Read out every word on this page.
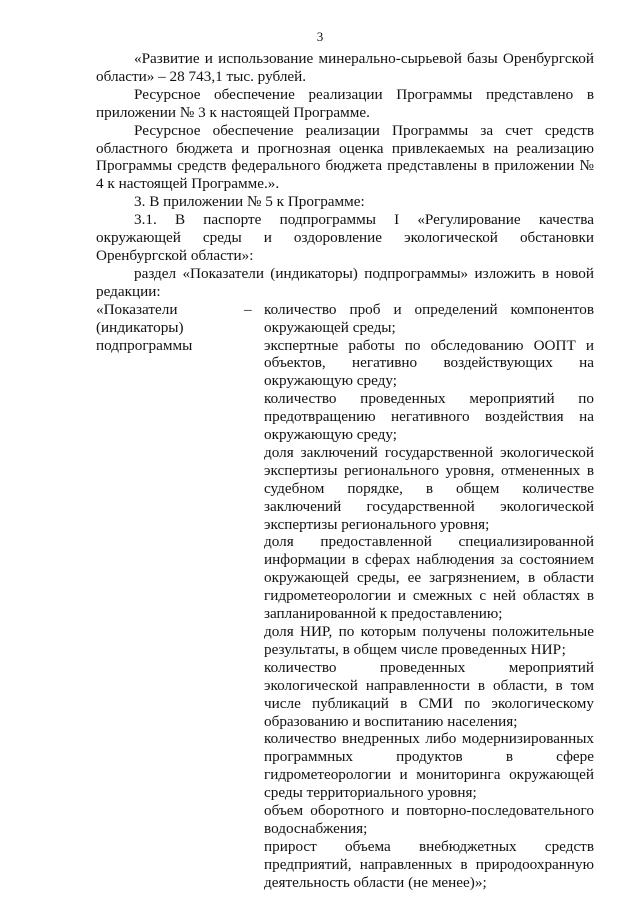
3

«Развитие и использование минерально-сырьевой базы Оренбургской области» – 28 743,1 тыс. рублей.

Ресурсное обеспечение реализации Программы представлено в приложении № 3 к настоящей Программе.

Ресурсное обеспечение реализации Программы за счет средств областного бюджета и прогнозная оценка привлекаемых на реализацию Программы средств федерального бюджета представлены в приложении № 4 к настоящей Программе.».

3. В приложении № 5 к Программе:

3.1. В паспорте подпрограммы I «Регулирование качества окружающей среды и оздоровление экологической обстановки Оренбургской области»:

раздел «Показатели (индикаторы) подпрограммы» изложить в новой редакции:

«Показатели
(индикаторы)
подпрограммы
– количество проб и определений компонентов окружающей среды;

экспертные работы по обследованию ООПТ и объектов, негативно воздействующих на окружающую среду;

количество проведенных мероприятий по предотвращению негативного воздействия на окружающую среду;

доля заключений государственной экологической экспертизы регионального уровня, отмененных в судебном порядке, в общем количестве заключений государственной экологической экспертизы регионального уровня;

доля предоставленной специализированной информации в сферах наблюдения за состоянием окружающей среды, ее загрязнением, в области гидрометеорологии и смежных с ней областях в запланированной к предоставлению;

доля НИР, по которым получены положительные результаты, в общем числе проведенных НИР;

количество проведенных мероприятий экологической направленности в области, в том числе публикаций в СМИ по экологическому образованию и воспитанию населения;

количество внедренных либо модернизированных программных продуктов в сфере гидрометеорологии и мониторинга окружающей среды территориального уровня;

объем оборотного и повторно-последовательного водоснабжения;

прирост объема внебюджетных средств предприятий, направленных в природоохранную деятельность области (не менее)»;
